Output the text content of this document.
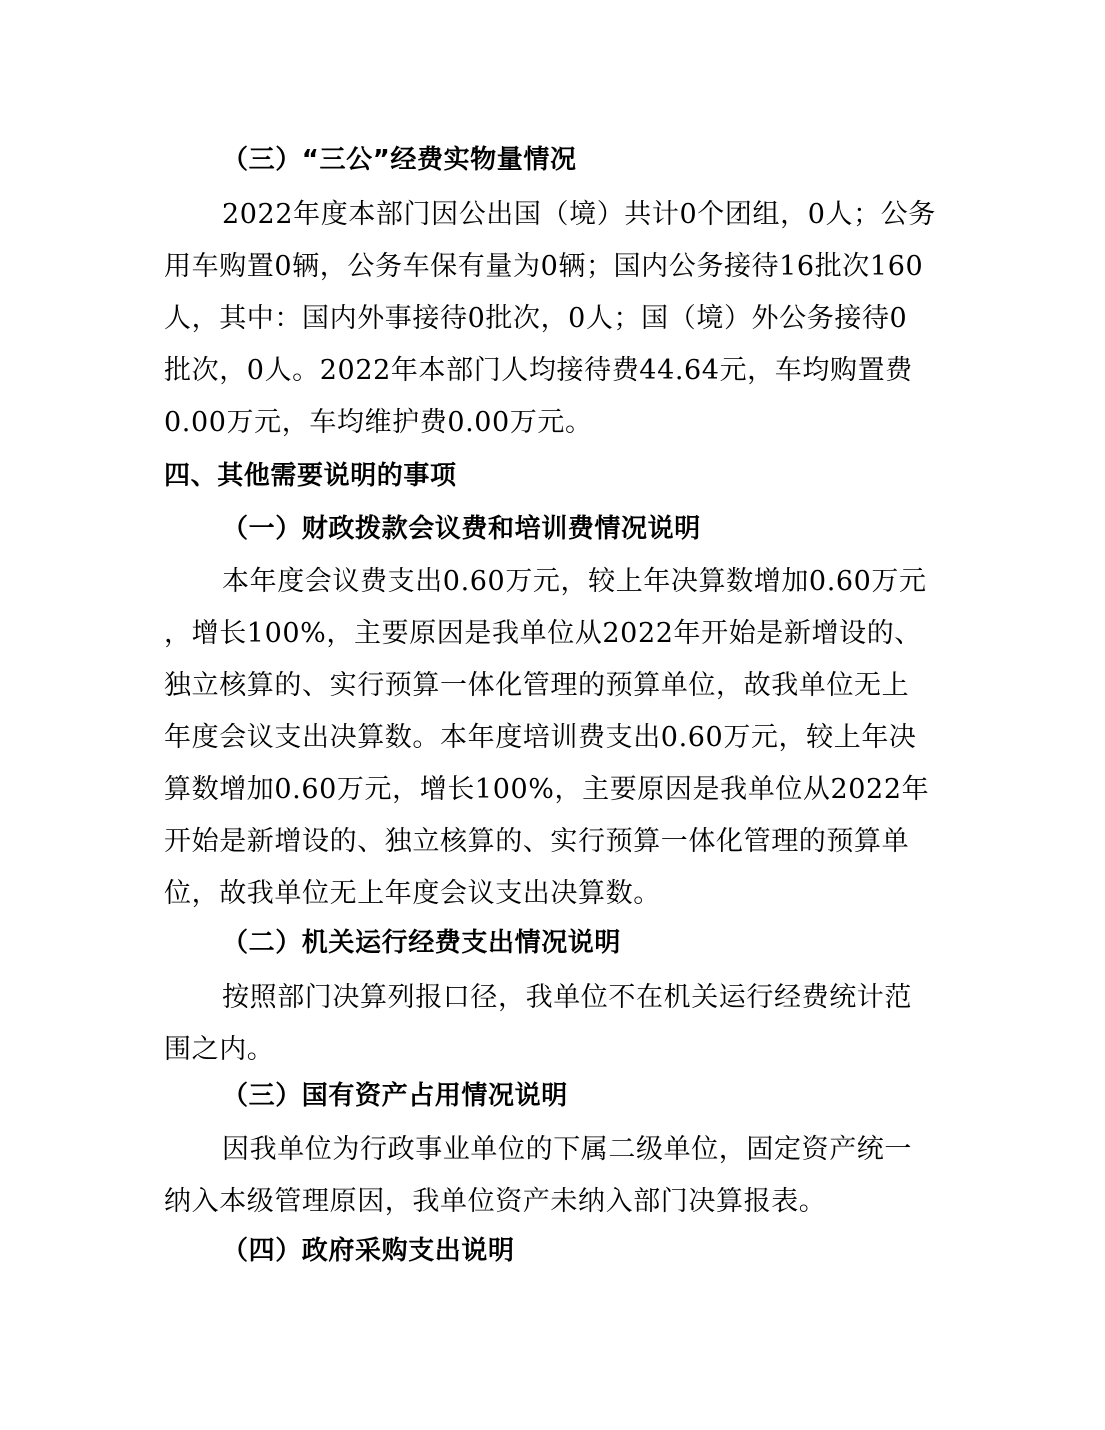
（三）“三公”经费实物量情况
2022年度本部门因公出国（境）共计0个团组，0人；公务
用车购置0辆，公务车保有量为0辆；国内公务接待16批次160
人，其中：国内外事接待0批次，0人；国（境）外公务接待0
批次，0人。2022年本部门人均接待费44.64元，车均购置费
0.00万元，车均维护费0.00万元。
四、其他需要说明的事项
（一）财政拨款会议费和培训费情况说明
本年度会议费支出0.60万元，较上年决算数增加0.60万元
，增长100%，主要原因是我单位从2022年开始是新增设的、
独立核算的、实行预算一体化管理的预算单位，故我单位无上
年度会议支出决算数。本年度培训费支出0.60万元，较上年决
算数增加0.60万元，增长100%，主要原因是我单位从2022年
开始是新增设的、独立核算的、实行预算一体化管理的预算单
位，故我单位无上年度会议支出决算数。
（二）机关运行经费支出情况说明
按照部门决算列报口径，我单位不在机关运行经费统计范
围之内。
（三）国有资产占用情况说明
因我单位为行政事业单位的下属二级单位，固定资产统一
纳入本级管理原因，我单位资产未纳入部门决算报表。
（四）政府采购支出说明
